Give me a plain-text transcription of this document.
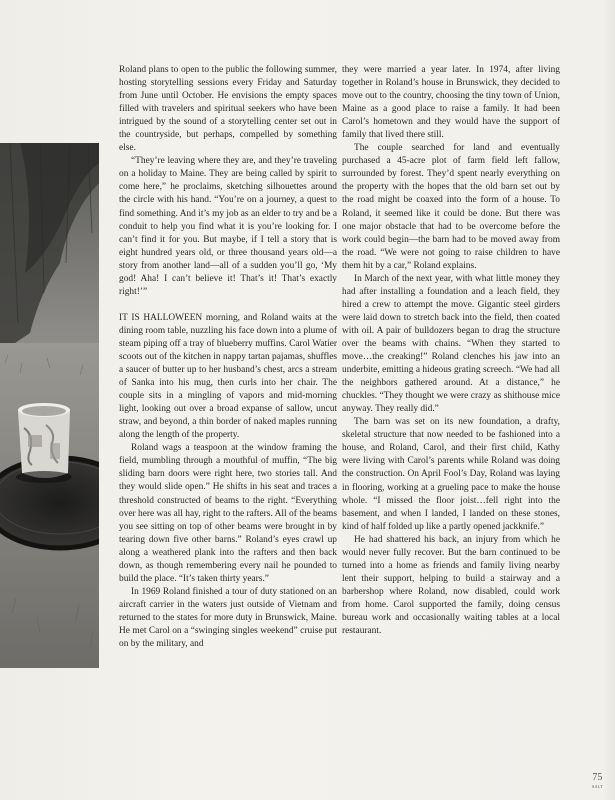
Roland plans to open to the public the following summer, hosting storytelling sessions every Friday and Saturday from June until October. He envisions the empty spaces filled with travelers and spiritual seekers who have been intrigued by the sound of a storytelling center set out in the countryside, but perhaps, compelled by something else.

“They’re leaving where they are, and they’re traveling on a holiday to Maine. They are being called by spirit to come here,” he proclaims, sketching silhouettes around the circle with his hand. “You’re on a journey, a quest to find something. And it’s my job as an elder to try and be a conduit to help you find what it is you’re looking for. I can’t find it for you. But maybe, if I tell a story that is eight hundred years old, or three thousand years old—a story from another land—all of a sudden you’ll go, ‘My god! Aha! I can’t believe it! That’s it! That’s exactly right!’”

IT IS HALLOWEEN morning, and Roland waits at the dining room table, nuzzling his face down into a plume of steam piping off a tray of blueberry muffins. Carol Watier scoots out of the kitchen in nappy tartan pajamas, shuffles a saucer of butter up to her husband’s chest, arcs a stream of Sanka into his mug, then curls into her chair. The couple sits in a mingling of vapors and mid-morning light, looking out over a broad expanse of sallow, uncut straw, and beyond, a thin border of naked maples running along the length of the property.

Roland wags a teaspoon at the window framing the field, mumbling through a mouthful of muffin, “The big sliding barn doors were right here, two stories tall. And they would slide open.” He shifts in his seat and traces a threshold constructed of beams to the right. “Everything over here was all hay, right to the rafters. All of the beams you see sitting on top of other beams were brought in by tearing down five other barns.” Roland’s eyes crawl up along a weathered plank into the rafters and then back down, as though remembering every nail he pounded to build the place. “It’s taken thirty years.”

In 1969 Roland finished a tour of duty stationed on an aircraft carrier in the waters just outside of Vietnam and returned to the states for more duty in Brunswick, Maine. He met Carol on a “swinging singles weekend” cruise put on by the military, and

they were married a year later. In 1974, after living together in Roland’s house in Brunswick, they decided to move out to the country, choosing the tiny town of Union, Maine as a good place to raise a family. It had been Carol’s hometown and they would have the support of family that lived there still.

The couple searched for land and eventually purchased a 45-acre plot of farm field left fallow, surrounded by forest. They’d spent nearly everything on the property with the hopes that the old barn set out by the road might be coaxed into the form of a house. To Roland, it seemed like it could be done. But there was one major obstacle that had to be overcome before the work could begin—the barn had to be moved away from the road. “We were not going to raise children to have them hit by a car,” Roland explains.

In March of the next year, with what little money they had after installing a foundation and a leach field, they hired a crew to attempt the move. Gigantic steel girders were laid down to stretch back into the field, then coated with oil. A pair of bulldozers began to drag the structure over the beams with chains. “When they started to move…the creaking!” Roland clenches his jaw into an underbite, emitting a hideous grating screech. “We had all the neighbors gathered around. At a distance,” he chuckles. “They thought we were crazy as shithouse mice anyway. They really did.”

The barn was set on its new foundation, a drafty, skeletal structure that now needed to be fashioned into a house, and Roland, Carol, and their first child, Kathy were living with Carol’s parents while Roland was doing the construction. On April Fool’s Day, Roland was laying in flooring, working at a grueling pace to make the house whole. “I missed the floor joist…fell right into the basement, and when I landed, I landed on these stones, kind of half folded up like a partly opened jackknife.”

He had shattered his back, an injury from which he would never fully recover. But the barn continued to be turned into a home as friends and family living nearby lent their support, helping to build a stairway and a barbershop where Roland, now disabled, could work from home. Carol supported the family, doing census bureau work and occasionally waiting tables at a local restaurant.

75
SALT
